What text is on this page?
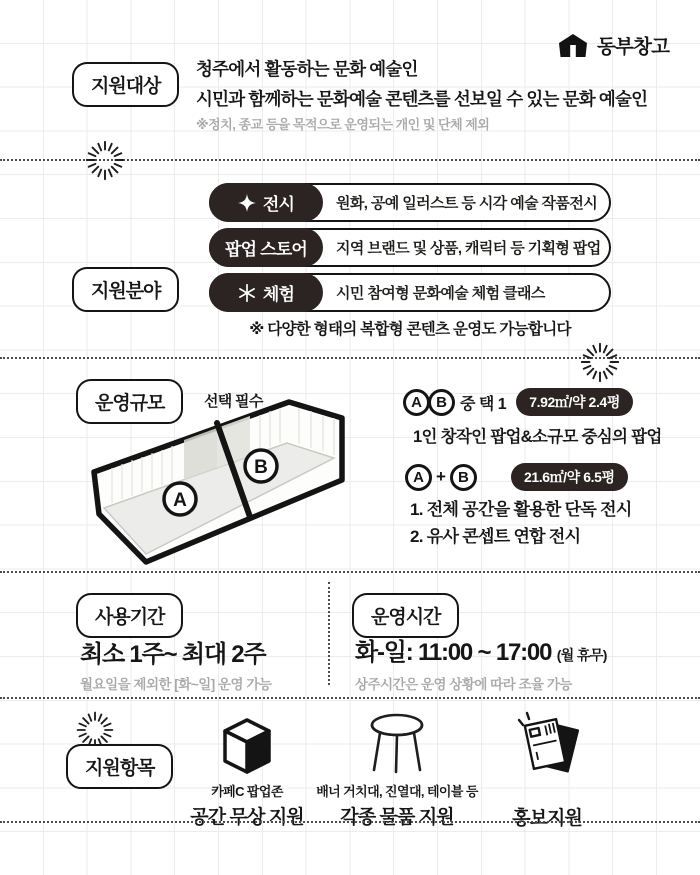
동부창고
지원대상
청주에서 활동하는 문화 예술인
시민과 함께하는 문화예술 콘텐츠를 선보일 수 있는 문화 예술인
※정치, 종교 등을 목적으로 운영되는 개인 및 단체 제외
지원분야
전시	원화, 공예 일러스트 등 시각 예술 작품전시
팝업 스토어	지역 브랜드 및 상품, 캐릭터 등 기획형 팝업
체험	시민 참여형 문화예술 체험 클래스
※ 다양한 형태의 복합형 콘텐츠 운영도 가능합니다
운영규모	선택 필수
A
B
A B 중 택 1	7.92㎡/약 2.4평
1인 창작인 팝업&소규모 중심의 팝업
A + B	21.6㎡/약 6.5평
1. 전체 공간을 활용한 단독 전시
2. 유사 콘셉트 연합 전시
사용기간
최소 1주~ 최대 2주
월요일을 제외한 [화~일] 운영 가능
운영시간
화-일: 11:00 ~ 17:00 (월 휴무)
상주시간은 운영 상황에 따라 조율 가능
지원항목
카페C 팝업존
공간 무상 지원
배너 거치대, 진열대, 테이블 등
각종 물품 지원	홍보지원
